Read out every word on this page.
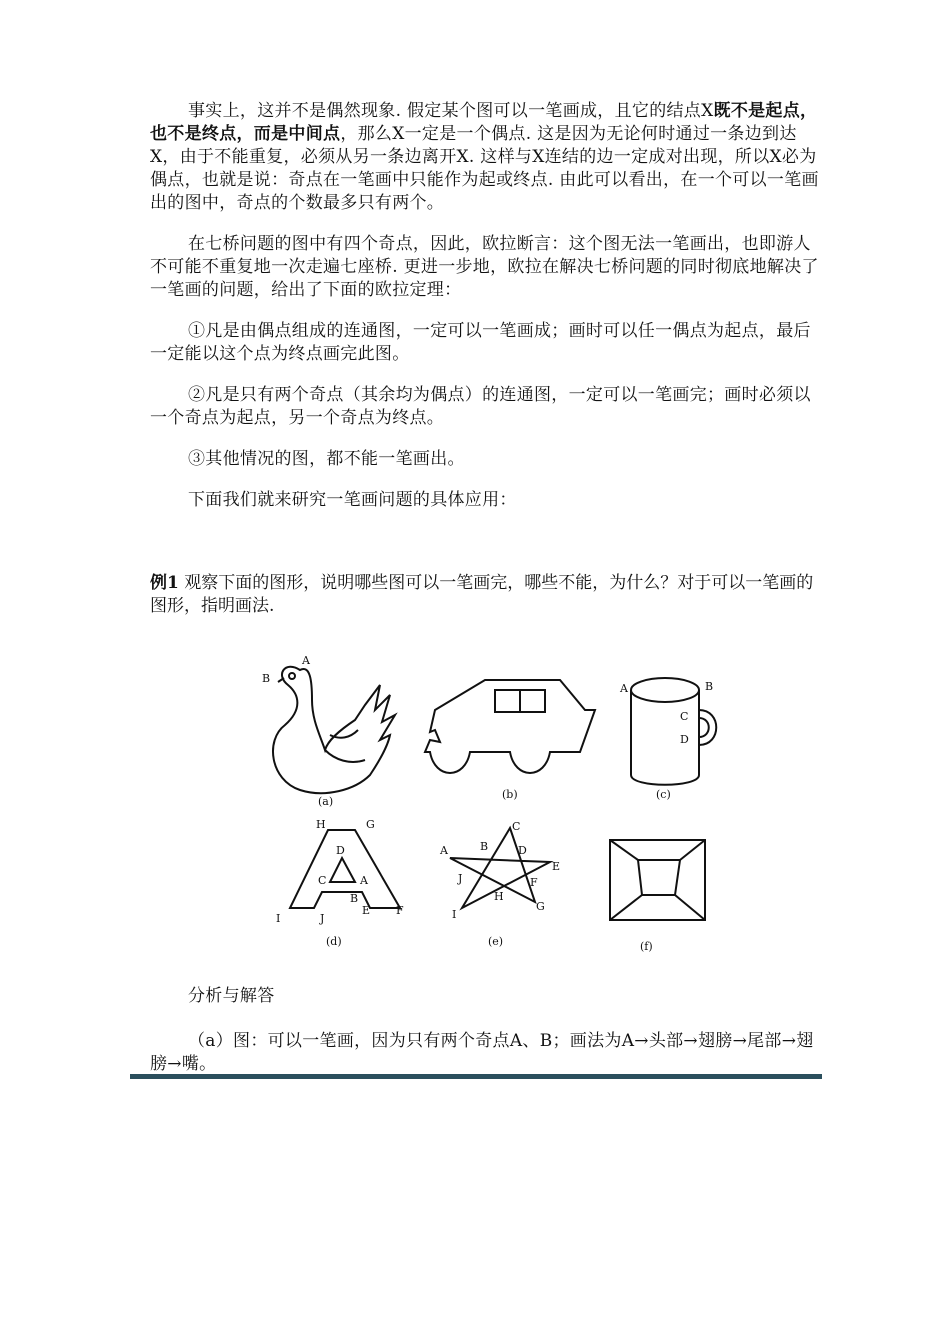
事实上，这并不是偶然现象. 假定某个图可以一笔画成，且它的结点X既不是起点，也不是终点，而是中间点，那么X一定是一个偶点. 这是因为无论何时通过一条边到达X，由于不能重复，必须从另一条边离开X. 这样与X连结的边一定成对出现，所以X必为偶点，也就是说：奇点在一笔画中只能作为起或终点. 由此可以看出，在一个可以一笔画出的图中，奇点的个数最多只有两个。

在七桥问题的图中有四个奇点，因此，欧拉断言：这个图无法一笔画出，也即游人不可能不重复地一次走遍七座桥. 更进一步地，欧拉在解决七桥问题的同时彻底地解决了一笔画的问题，给出了下面的欧拉定理：

①凡是由偶点组成的连通图，一定可以一笔画成；画时可以任一偶点为起点，最后一定能以这个点为终点画完此图。

②凡是只有两个奇点（其余均为偶点）的连通图，一定可以一笔画完；画时必须以一个奇点为起点，另一个奇点为终点。

③其他情况的图，都不能一笔画出。

下面我们就来研究一笔画问题的具体应用：

例1 观察下面的图形，说明哪些图可以一笔画完，哪些不能，为什么？对于可以一笔画的图形，指明画法.
A
B
(a)
(b)
A	B
C
D
(c)
H	G
D
C	A
B
I	J
E F
(d)
C
A	B	D
E
J	F
H
I
G
(e)	(f)

分析与解答

（a）图：可以一笔画，因为只有两个奇点A、B；画法为A→头部→翅膀→尾部→翅膀→嘴。
